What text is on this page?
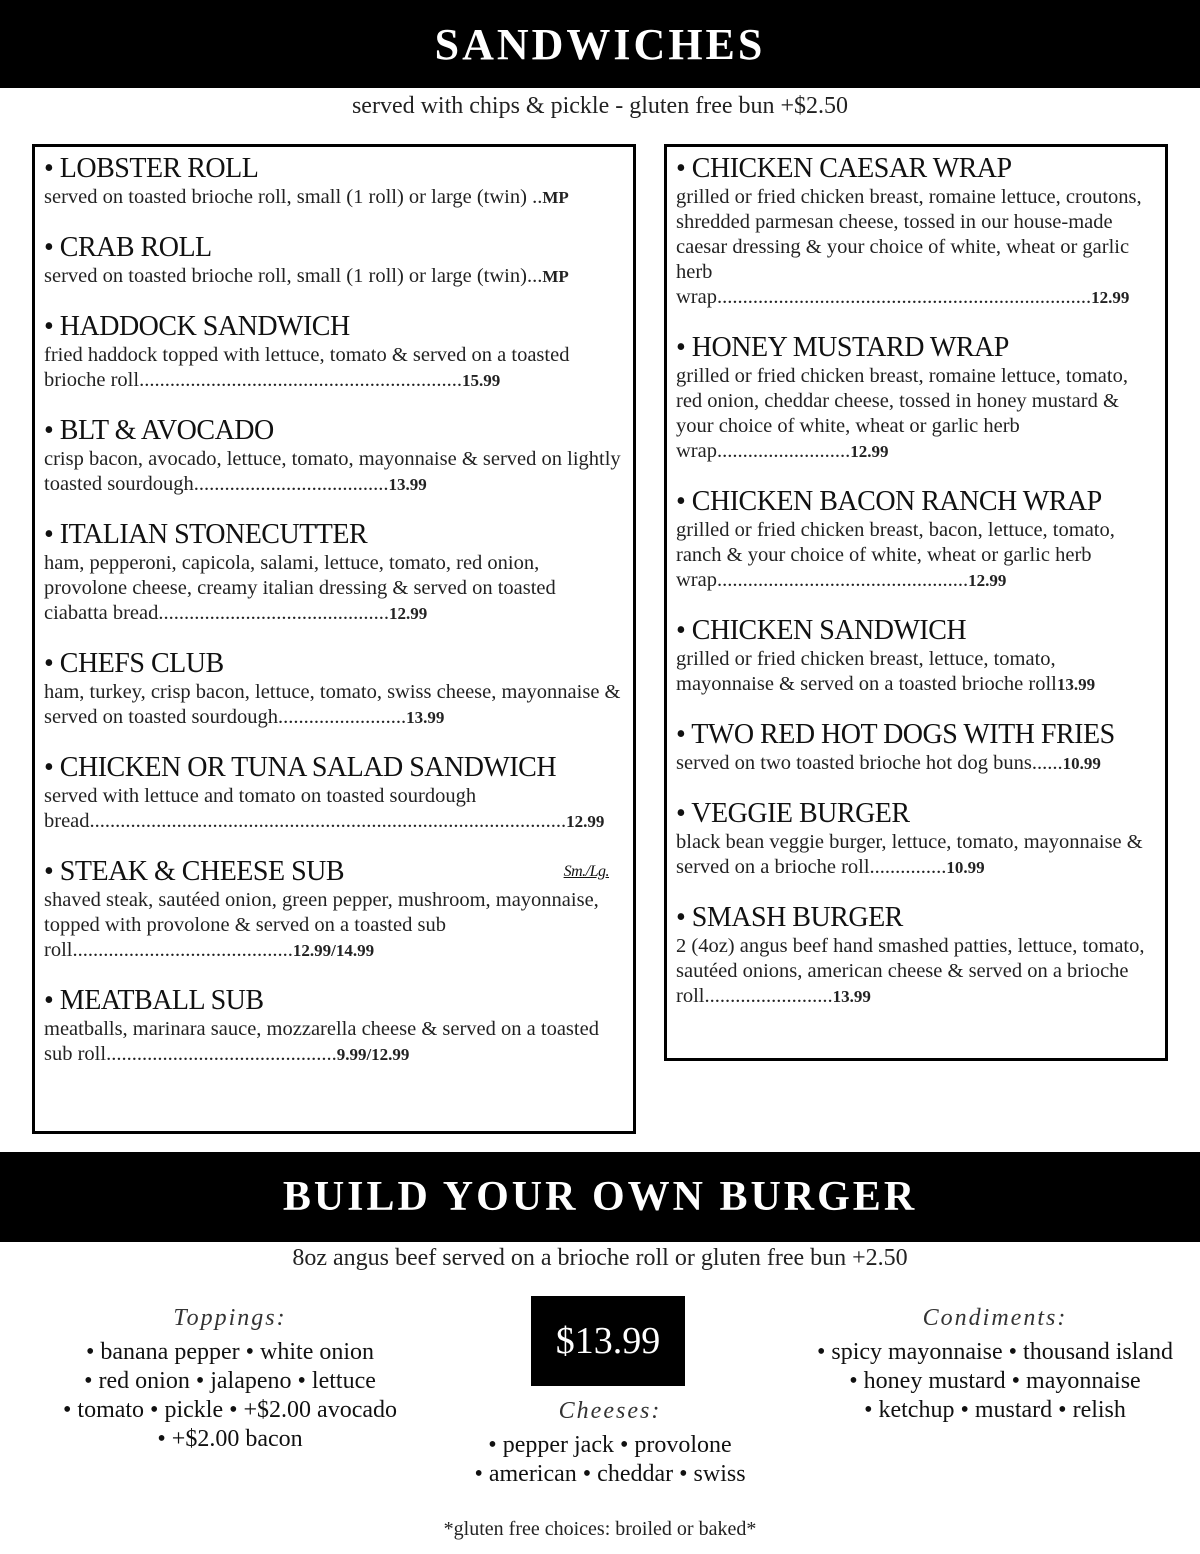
SANDWICHES
served with chips & pickle - gluten free bun +$2.50
• LOBSTER ROLL
served on toasted brioche roll, small (1 roll) or large (twin) ..MP
• CRAB ROLL
served on toasted brioche roll, small (1 roll) or large (twin)...MP
• HADDOCK SANDWICH
fried haddock topped with lettuce, tomato & served on a toasted brioche roll...............................................................15.99
• BLT & AVOCADO
crisp bacon, avocado, lettuce, tomato, mayonnaise & served on lightly toasted sourdough......................................13.99
• ITALIAN STONECUTTER
ham, pepperoni, capicola, salami, lettuce, tomato, red onion, provolone cheese, creamy italian dressing & served on toasted ciabatta bread.............................................12.99
• CHEFS CLUB
ham, turkey, crisp bacon, lettuce, tomato, swiss cheese, mayonnaise & served on toasted sourdough.........................13.99
• CHICKEN OR TUNA SALAD SANDWICH
served with lettuce and tomato on toasted sourdough bread.............................................................................................12.99
• STEAK & CHEESE SUB	Sm./Lg.
shaved steak, sautéed onion, green pepper, mushroom, mayonnaise, topped with provolone & served on a toasted sub roll...........................................12.99/14.99
• MEATBALL SUB
meatballs, marinara sauce, mozzarella cheese & served on a toasted sub roll.............................................9.99/12.99
• CHICKEN CAESAR WRAP
grilled or fried chicken breast, romaine lettuce, croutons, shredded parmesan cheese, tossed in our house-made caesar dressing & your choice of white, wheat or garlic herb wrap.........................................................................12.99
• HONEY MUSTARD WRAP
grilled or fried chicken breast, romaine lettuce, tomato, red onion, cheddar cheese, tossed in honey mustard & your choice of white, wheat or garlic herb wrap..........................12.99
• CHICKEN BACON RANCH WRAP
grilled or fried chicken breast, bacon, lettuce, tomato, ranch & your choice of white, wheat or garlic herb wrap.................................................12.99
• CHICKEN SANDWICH
grilled or fried chicken breast, lettuce, tomato, mayonnaise & served on a toasted brioche roll13.99
• TWO RED HOT DOGS WITH FRIES
served on two toasted brioche hot dog buns......10.99
• VEGGIE BURGER
black bean veggie burger, lettuce, tomato, mayonnaise & served on a brioche roll...............10.99
• SMASH BURGER
2 (4oz) angus beef hand smashed patties, lettuce, tomato, sautéed onions, american cheese & served on a brioche roll.........................13.99
BUILD YOUR OWN BURGER
8oz angus beef served on a brioche roll or gluten free bun +2.50
Toppings:
• banana pepper • white onion
• red onion • jalapeno • lettuce
• tomato • pickle • +$2.00 avocado
• +$2.00 bacon
$13.99
Cheeses:
• pepper jack • provolone
• american • cheddar • swiss
Condiments:
• spicy mayonnaise • thousand island
• honey mustard • mayonnaise
• ketchup • mustard • relish
*gluten free choices: broiled or baked*
